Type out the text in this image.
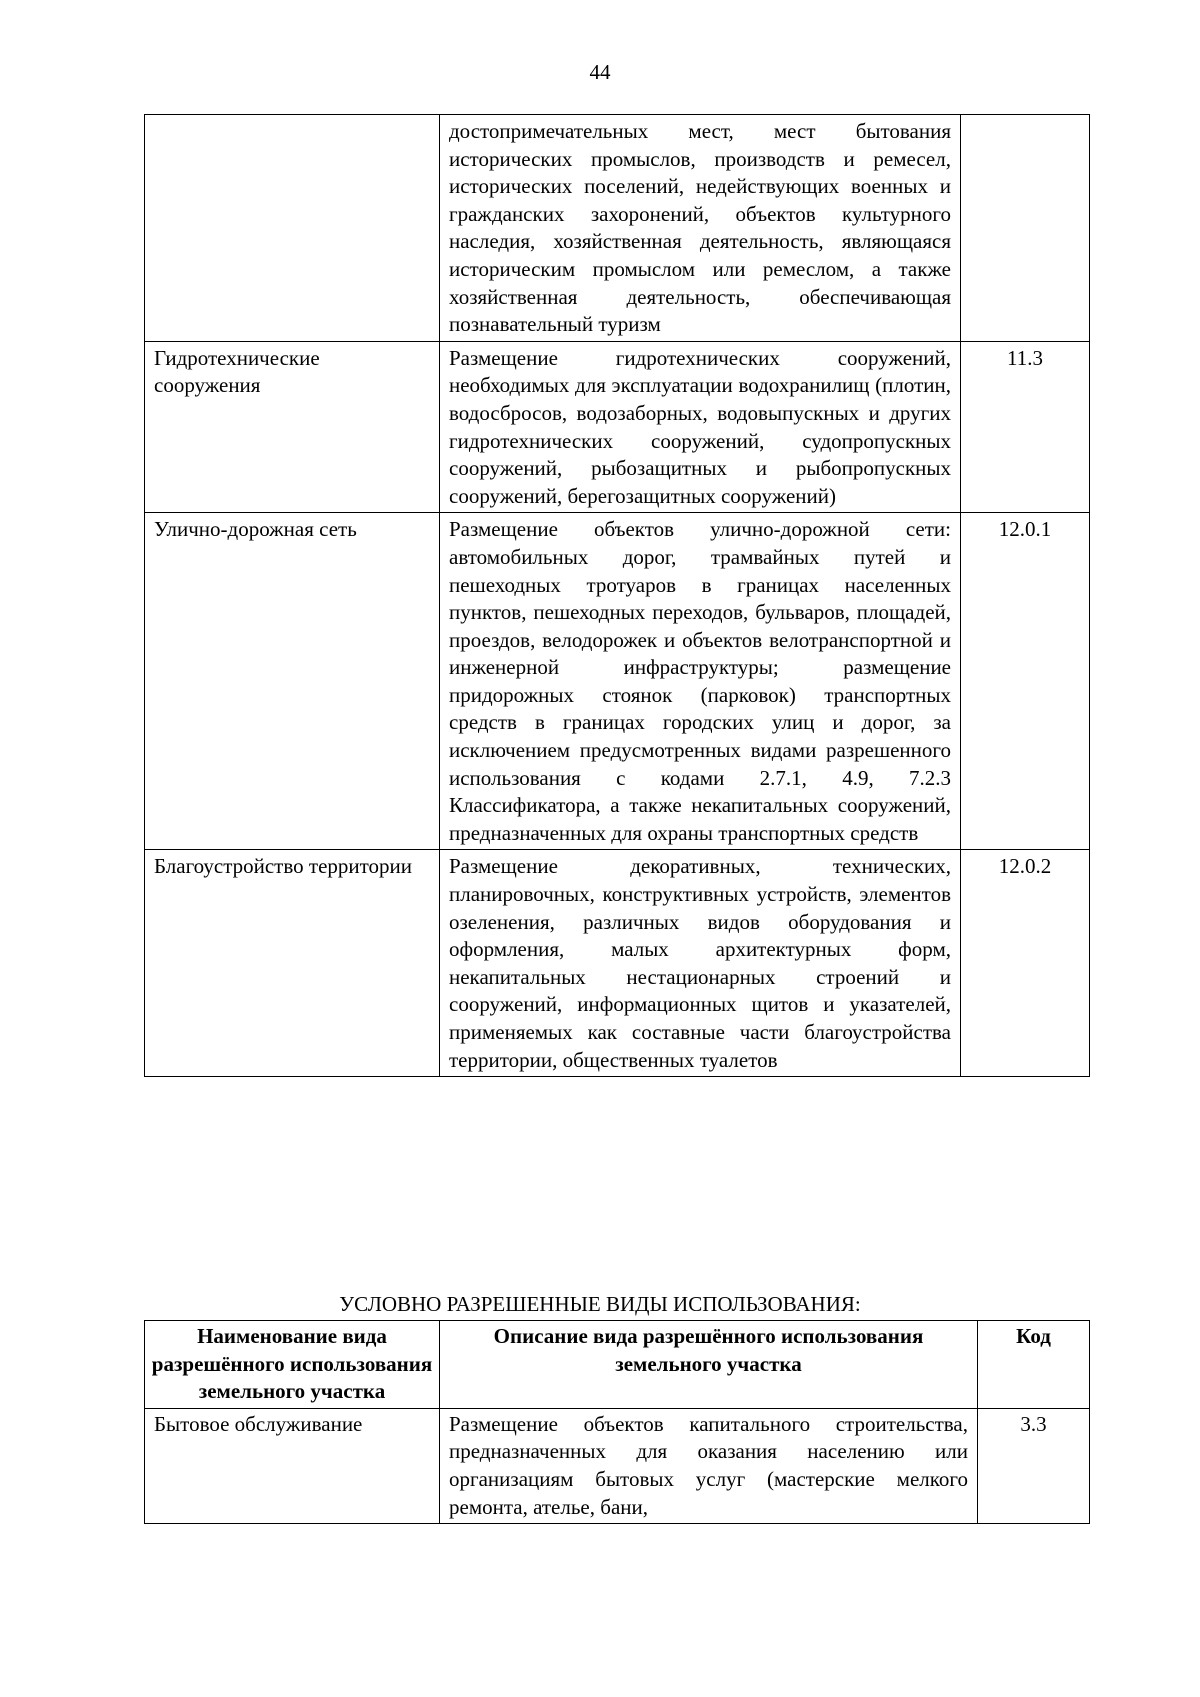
44
	достопримечательных мест, мест бытования исторических промыслов, производств и ремесел, исторических поселений, недействующих военных и гражданских захоронений, объектов культурного наследия, хозяйственная деятельность, являющаяся историческим промыслом или ремеслом, а также хозяйственная деятельность, обеспечивающая познавательный туризм	
Гидротехнические сооружения	Размещение гидротехнических сооружений, необходимых для эксплуатации водохранилищ (плотин, водосбросов, водозаборных, водовыпускных и других гидротехнических сооружений, судопропускных сооружений, рыбозащитных и рыбопропускных сооружений, берегозащитных сооружений)	11.3
Улично-дорожная сеть	Размещение объектов улично-дорожной сети: автомобильных дорог, трамвайных путей и пешеходных тротуаров в границах населенных пунктов, пешеходных переходов, бульваров, площадей, проездов, велодорожек и объектов велотранспортной и инженерной инфраструктуры; размещение придорожных стоянок (парковок) транспортных средств в границах городских улиц и дорог, за исключением предусмотренных видами разрешенного использования с кодами 2.7.1, 4.9, 7.2.3 Классификатора, а также некапитальных сооружений, предназначенных для охраны транспортных средств	12.0.1
Благоустройство территории	Размещение декоративных, технических, планировочных, конструктивных устройств, элементов озеленения, различных видов оборудования и оформления, малых архитектурных форм, некапитальных нестационарных строений и сооружений, информационных щитов и указателей, применяемых как составные части благоустройства территории, общественных туалетов	12.0.2
УСЛОВНО РАЗРЕШЕННЫЕ ВИДЫ ИСПОЛЬЗОВАНИЯ:
Наименование вида разрешённого использования земельного участка	Описание вида разрешённого использования земельного участка	Код
Бытовое обслуживание	Размещение объектов капитального строительства, предназначенных для оказания населению или организациям бытовых услуг (мастерские мелкого ремонта, ателье, бани,	3.3
